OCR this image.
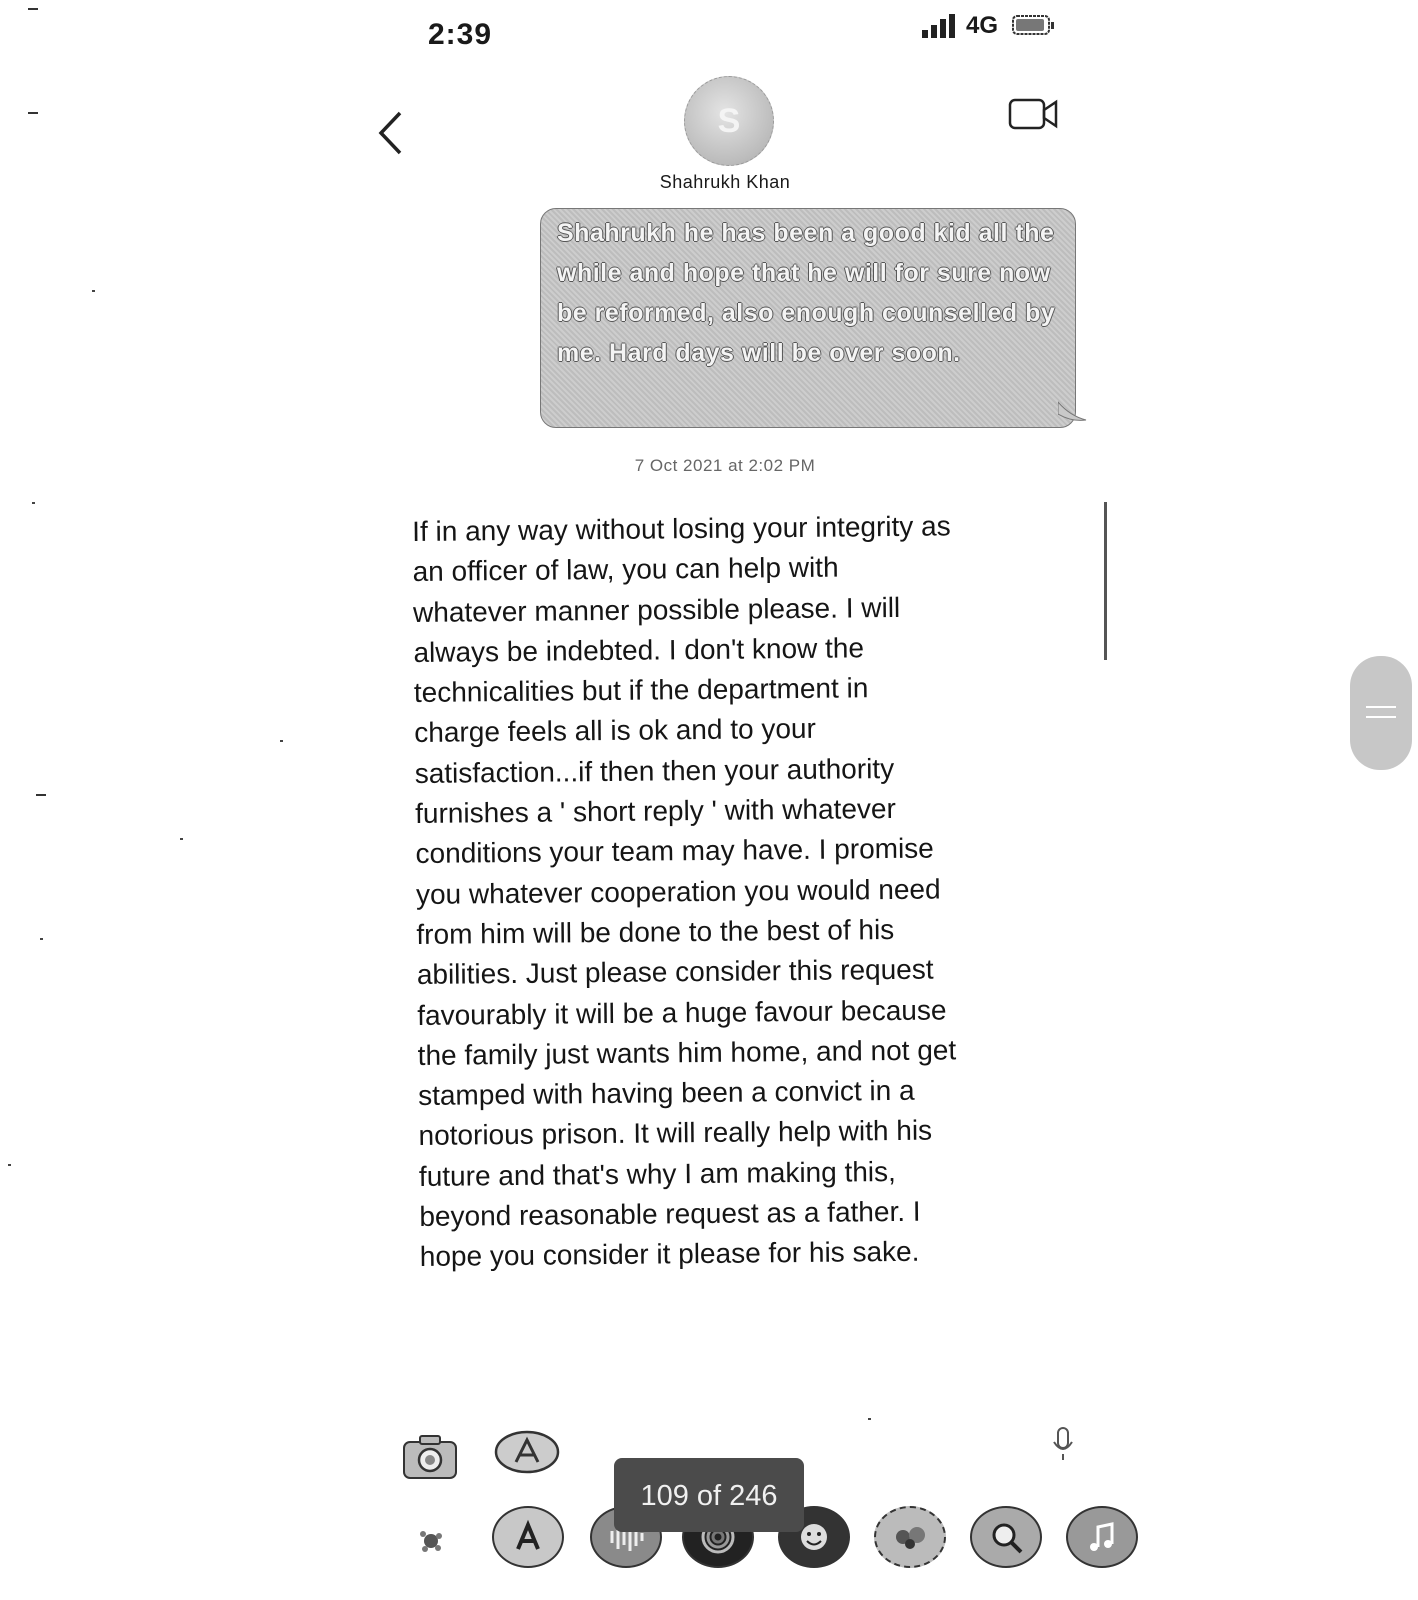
2:39	4G
S
Shahrukh Khan
Shahrukh he has been a good kid all the while and hope that he will for sure now be reformed, also enough counselled by me. Hard days will be over soon.
7 Oct 2021 at 2:02 PM
If in any way without losing your integrity as an officer of law, you can help with whatever manner possible please. I will always be indebted. I don't know the technicalities but if the department in charge feels all is ok and to your satisfaction...if then then your authority furnishes a ' short reply ' with whatever conditions your team may have. I promise you whatever cooperation you would need from him will be done to the best of his abilities. Just please consider this request favourably it will be a huge favour because the family just wants him home, and not get stamped with having been a convict in a notorious prison. It will really help with his future and that's why I am making this, beyond reasonable request as a father. I hope you consider it please for his sake.
109 of 246
